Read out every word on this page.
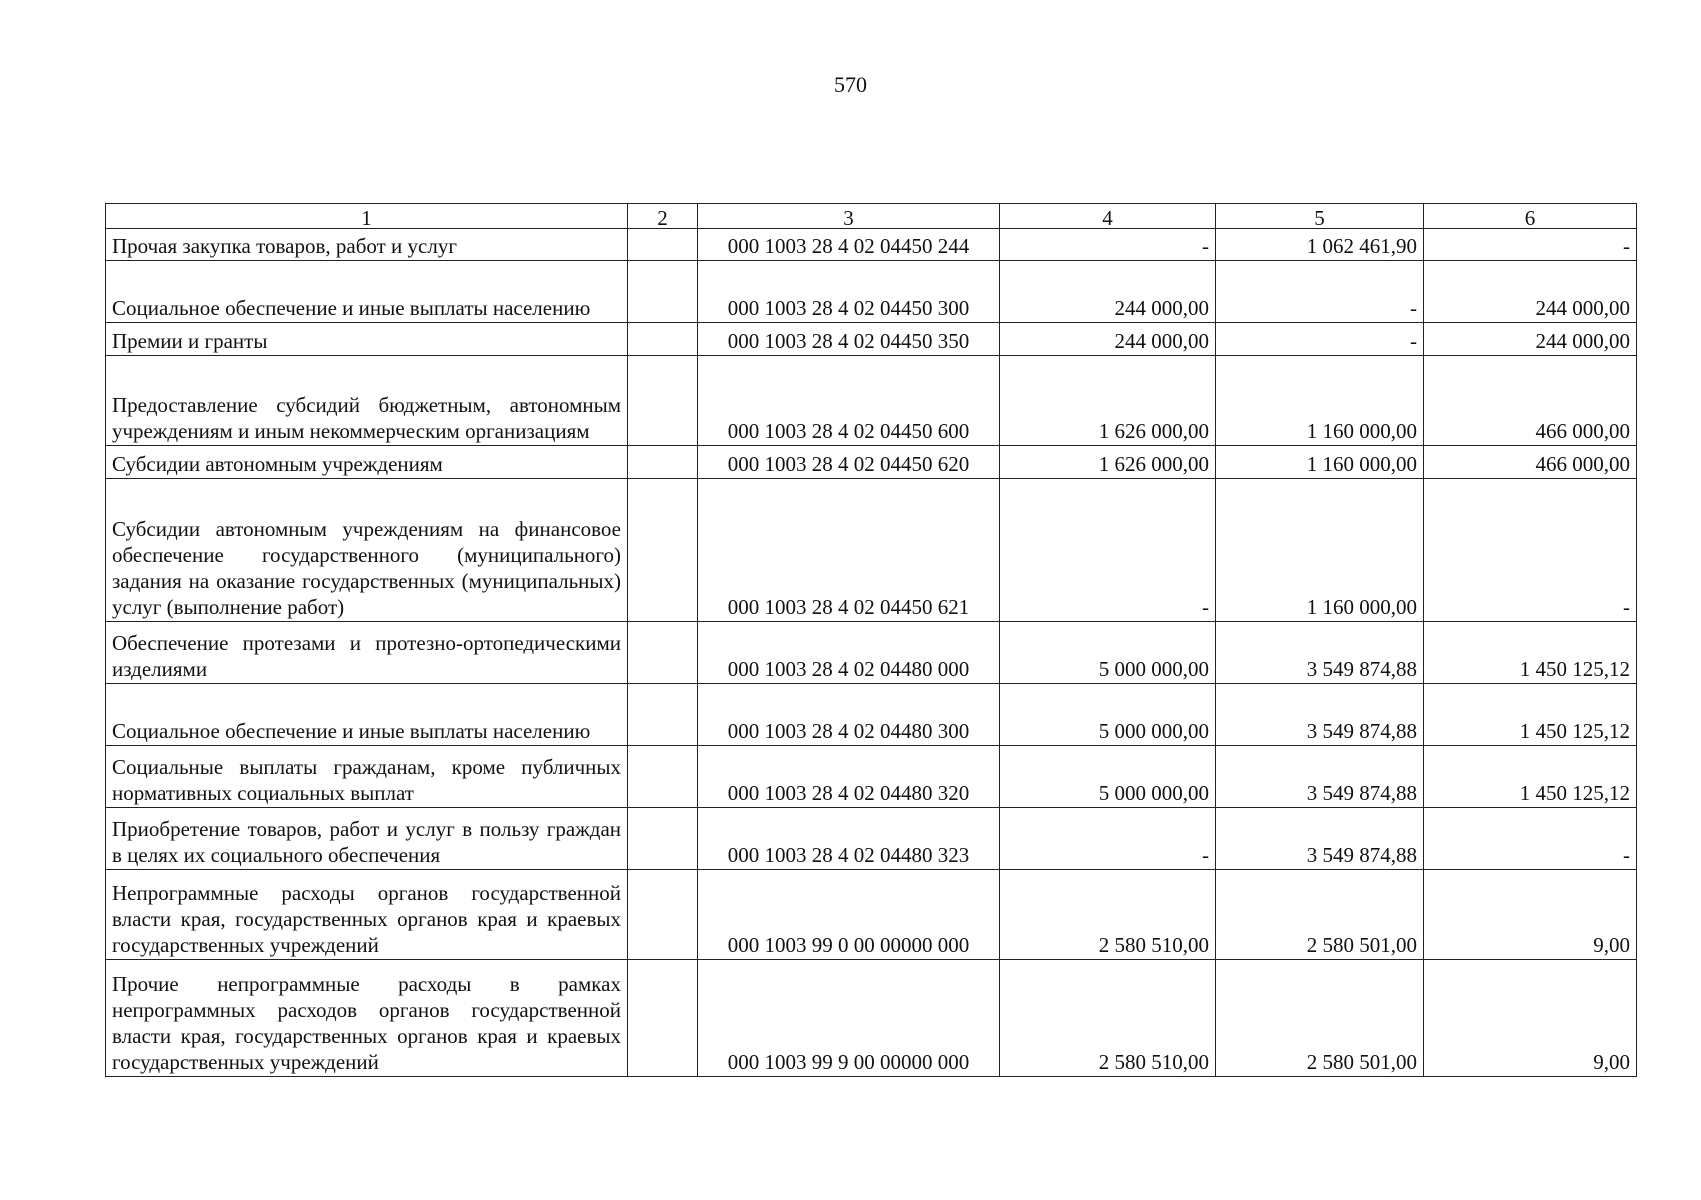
570
1	2	3	4	5	6
Прочая закупка товаров, работ и услуг		000 1003 28 4 02 04450 244	-	1 062 461,90	-
Социальное обеспечение и иные выплаты населению		000 1003 28 4 02 04450 300	244 000,00	-	244 000,00
Премии и гранты		000 1003 28 4 02 04450 350	244 000,00	-	244 000,00
Предоставление субсидий бюджетным, автономным учреждениям и иным некоммерческим организациям		000 1003 28 4 02 04450 600	1 626 000,00	1 160 000,00	466 000,00
Субсидии автономным учреждениям		000 1003 28 4 02 04450 620	1 626 000,00	1 160 000,00	466 000,00
Субсидии автономным учреждениям на финансовое обеспечение государственного (муниципального) задания на оказание государственных (муниципальных) услуг (выполнение работ)		000 1003 28 4 02 04450 621	-	1 160 000,00	-
Обеспечение протезами и протезно-ортопедическими изделиями		000 1003 28 4 02 04480 000	5 000 000,00	3 549 874,88	1 450 125,12
Социальное обеспечение и иные выплаты населению		000 1003 28 4 02 04480 300	5 000 000,00	3 549 874,88	1 450 125,12
Социальные выплаты гражданам, кроме публичных нормативных социальных выплат		000 1003 28 4 02 04480 320	5 000 000,00	3 549 874,88	1 450 125,12
Приобретение товаров, работ и услуг в пользу граждан в целях их социального обеспечения		000 1003 28 4 02 04480 323	-	3 549 874,88	-
Непрограммные расходы органов государственной власти края, государственных органов края и краевых государственных учреждений		000 1003 99 0 00 00000 000	2 580 510,00	2 580 501,00	9,00
Прочие непрограммные расходы в рамках непрограммных расходов органов государственной власти края, государственных органов края и краевых государственных учреждений		000 1003 99 9 00 00000 000	2 580 510,00	2 580 501,00	9,00
